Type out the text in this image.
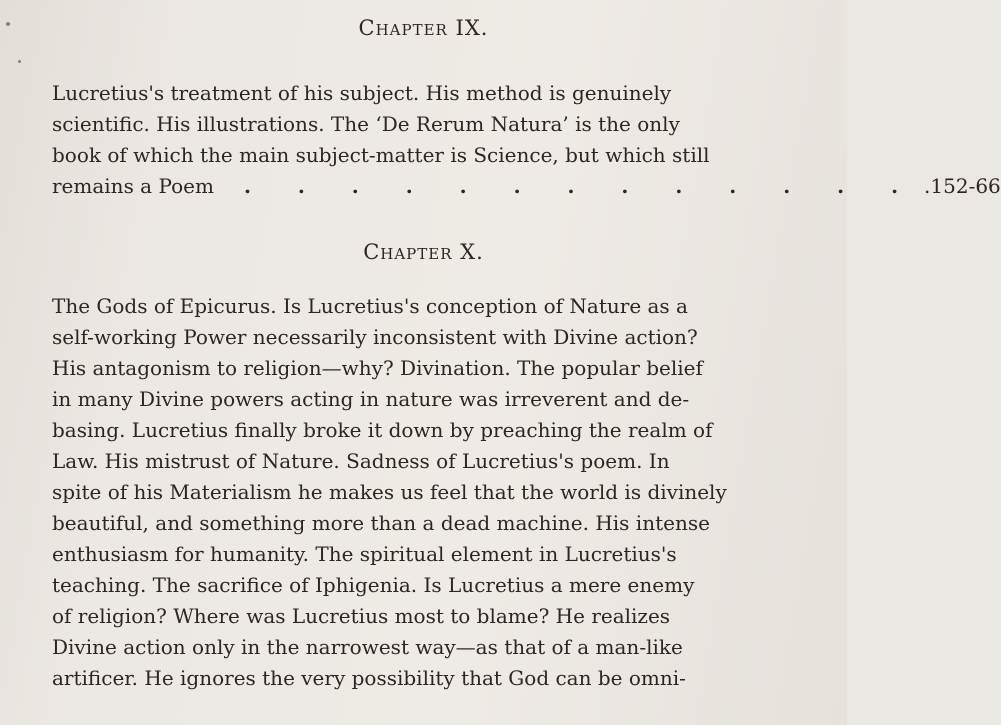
Chapter IX.
Lucretius's treatment of his subject. His method is genuinely
scientific. His illustrations. The ‘De Rerum Natura’ is the only
book of which the main subject-matter is Science, but which still
remains a Poem	. . . . . . . . . . . . . .152-66
Chapter X.
The Gods of Epicurus. Is Lucretius's conception of Nature as a
self-working Power necessarily inconsistent with Divine action?
His antagonism to religion—why? Divination. The popular belief
in many Divine powers acting in nature was irreverent and de-
basing. Lucretius finally broke it down by preaching the realm of
Law. His mistrust of Nature. Sadness of Lucretius's poem. In
spite of his Materialism he makes us feel that the world is divinely
beautiful, and something more than a dead machine. His intense
enthusiasm for humanity. The spiritual element in Lucretius's
teaching. The sacrifice of Iphigenia. Is Lucretius a mere enemy
of religion? Where was Lucretius most to blame? He realizes
Divine action only in the narrowest way—as that of a man-like
artificer. He ignores the very possibility that God can be omni-
